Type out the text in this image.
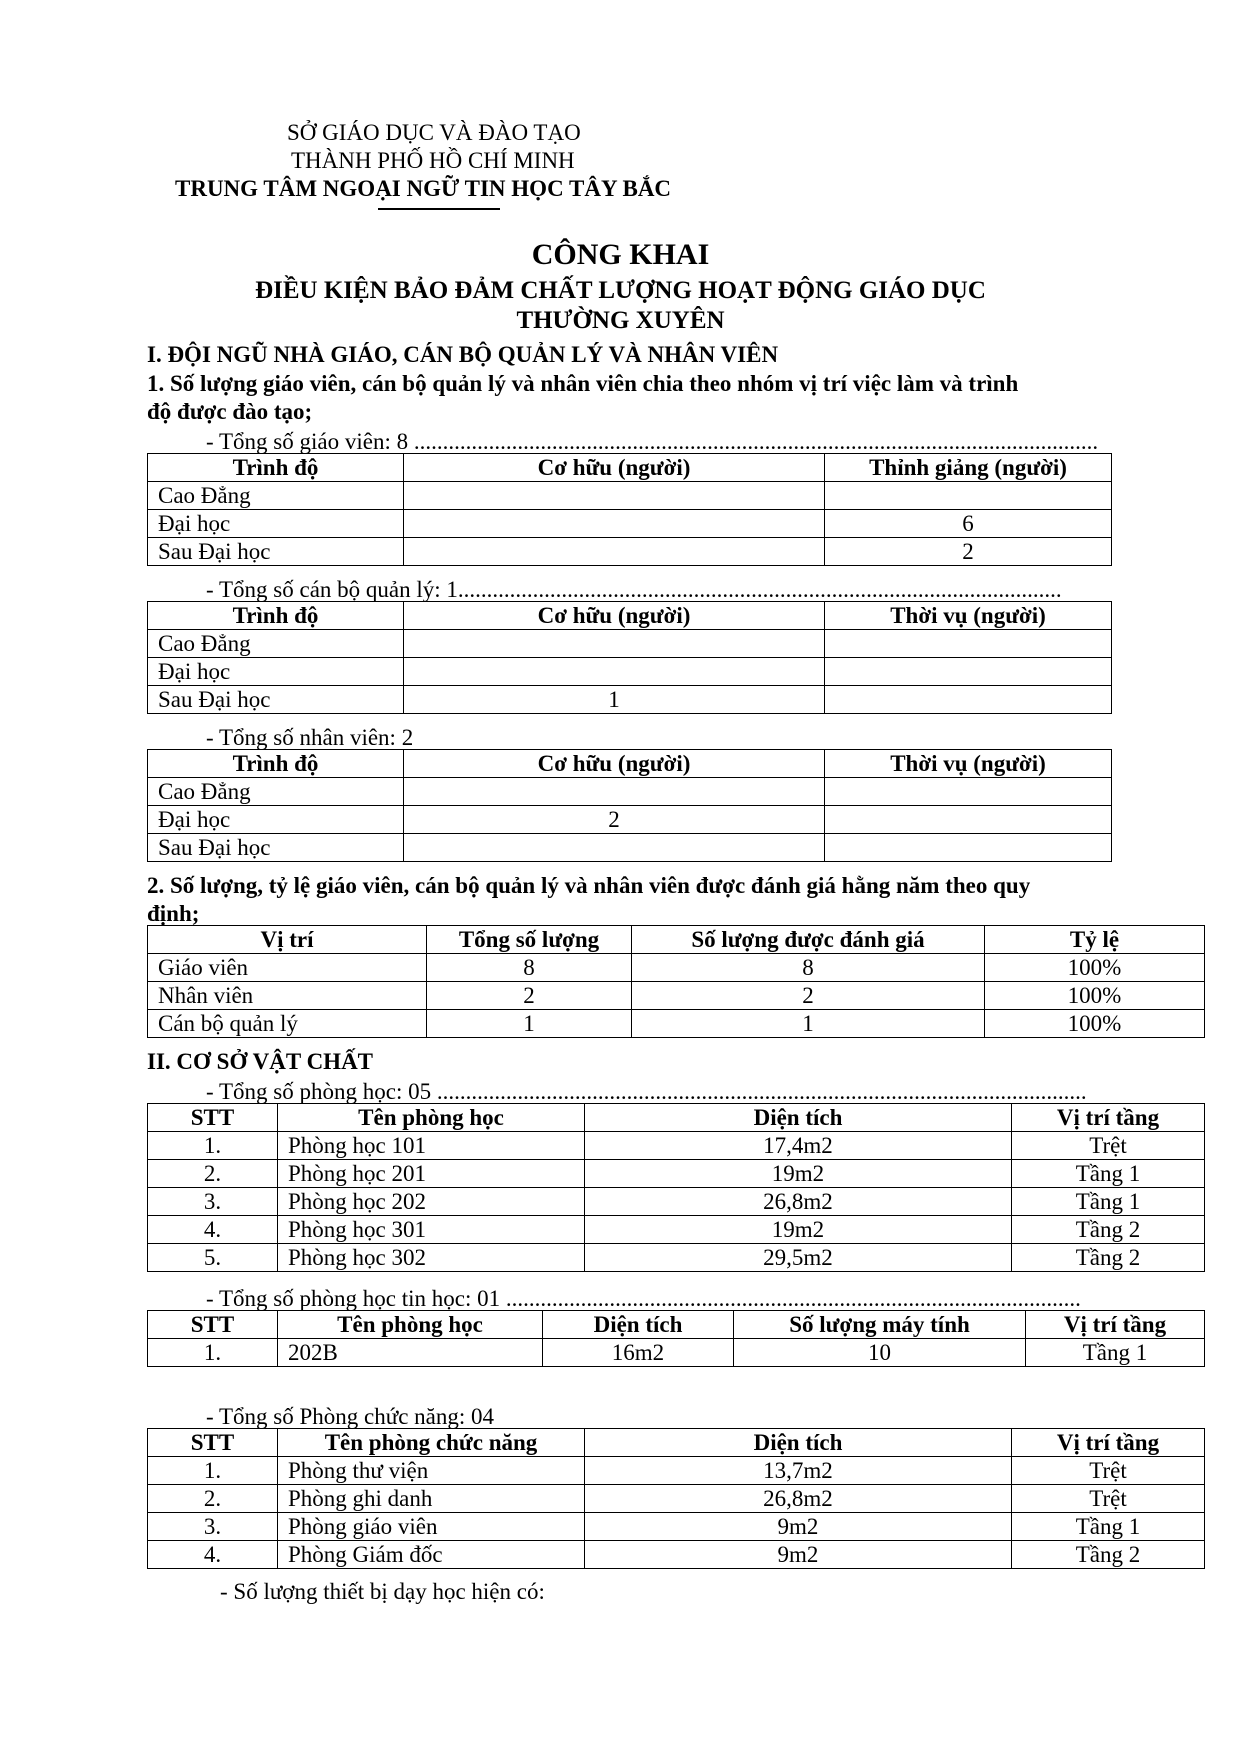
SỞ GIÁO DỤC VÀ ĐÀO TẠO
THÀNH PHỐ HỒ CHÍ MINH
TRUNG TÂM NGOẠI NGỮ TIN HỌC TÂY BẮC
CÔNG KHAI
ĐIỀU KIỆN BẢO ĐẢM CHẤT LƯỢNG HOẠT ĐỘNG GIÁO DỤC
THƯỜNG XUYÊN
I. ĐỘI NGŨ NHÀ GIÁO, CÁN BỘ QUẢN LÝ VÀ NHÂN VIÊN
1. Số lượng giáo viên, cán bộ quản lý và nhân viên chia theo nhóm vị trí việc làm và trình
độ được đào tạo;
- Tổng số giáo viên: 8 .......................................................................................................................
Trình độ	Cơ hữu (người)	Thỉnh giảng (người)
Cao Đẳng		
Đại học		6
Sau Đại học		2
- Tổng số cán bộ quản lý: 1.........................................................................................................
Trình độ	Cơ hữu (người)	Thời vụ (người)
Cao Đẳng		
Đại học		
Sau Đại học	1	
- Tổng số nhân viên: 2
Trình độ	Cơ hữu (người)	Thời vụ (người)
Cao Đẳng		
Đại học	2	
Sau Đại học		
2. Số lượng, tỷ lệ giáo viên, cán bộ quản lý và nhân viên được đánh giá hằng năm theo quy
định;
Vị trí	Tổng số lượng	Số lượng được đánh giá	Tỷ lệ
Giáo viên	8	8	100%
Nhân viên	2	2	100%
Cán bộ quản lý	1	1	100%
II. CƠ SỞ VẬT CHẤT
- Tổng số phòng học: 05 .................................................................................................................
STT	Tên phòng học	Diện tích	Vị trí tầng
1.	Phòng học 101	17,4m2	Trệt
2.	Phòng học 201	19m2	Tầng 1
3.	Phòng học 202	26,8m2	Tầng 1
4.	Phòng học 301	19m2	Tầng 2
5.	Phòng học 302	29,5m2	Tầng 2
- Tổng số phòng học tin học: 01 ....................................................................................................
STT	Tên phòng học	Diện tích	Số lượng máy tính	Vị trí tầng
1.	202B	16m2	10	Tầng 1
- Tổng số Phòng chức năng: 04
STT	Tên phòng chức năng	Diện tích	Vị trí tầng
1.	Phòng thư viện	13,7m2	Trệt
2.	Phòng ghi danh	26,8m2	Trệt
3.	Phòng giáo viên	9m2	Tầng 1
4.	Phòng Giám đốc	9m2	Tầng 2
- Số lượng thiết bị dạy học hiện có:
